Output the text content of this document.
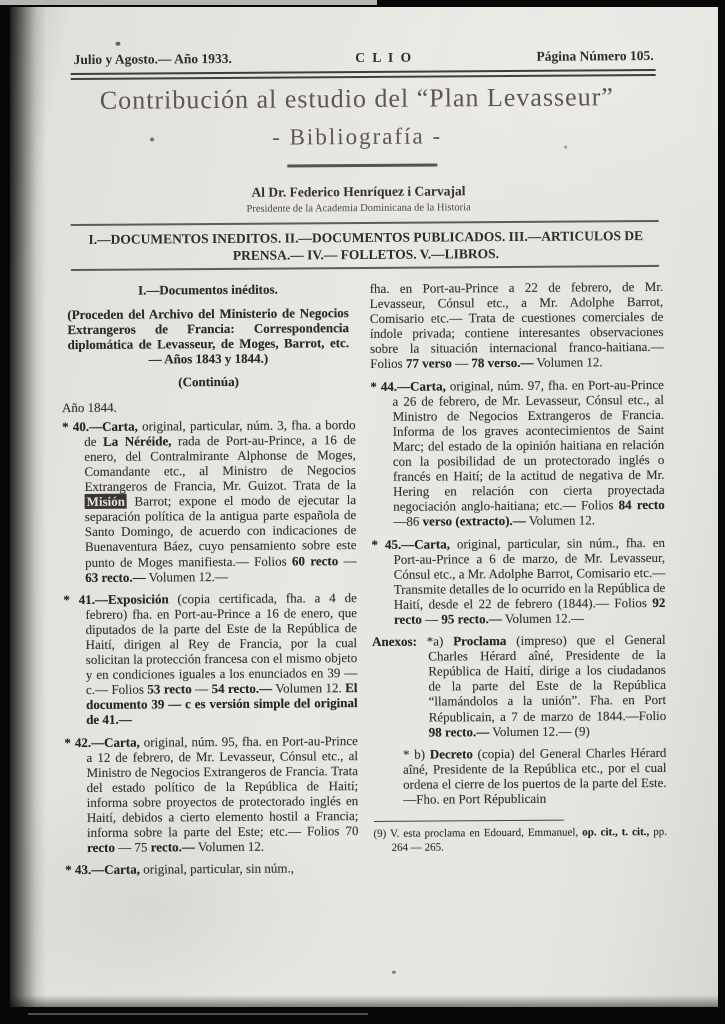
Julio y Agosto.— Año 1933.	C L I O	Página Número 105.
Contribución al estudio del “Plan Levasseur”
- Bibliografía -
Al Dr. Federico Henríquez i Carvajal
Presidente de la Academia Dominicana de la Historia
I.—DOCUMENTOS INEDITOS. II.—DOCUMENTOS PUBLICADOS. III.—ARTICULOS DE PRENSA.— IV.— FOLLETOS. V.—LIBROS.

I.—Documentos inéditos.

(Proceden del Archivo del Ministerio de Negocios Extrangeros de Francia: Correspondencia diplomática de Levasseur, de Moges, Barrot, etc.— Años 1843 y 1844.)

(Continúa)

Año 1844.

* 40.—Carta, original, particular, núm. 3, fha. a bordo de La Néréide, rada de Port-au-Prince, a 16 de enero, del Contralmirante Alphonse de Moges, Comandante etc., al Ministro de Negocios Extrangeros de Francia, Mr. Guizot. Trata de la Misión Barrot; expone el modo de ejecutar la separación política de la antigua parte española de Santo Domingo, de acuerdo con indicaciones de Buenaventura Báez, cuyo pensamiento sobre este punto de Moges manifiesta.— Folios 60 recto — 63 recto.— Volumen 12.—

* 41.—Exposición (copia certificada, fha. a 4 de febrero) fha. en Port-au-Prince a 16 de enero, que diputados de la parte del Este de la República de Haití, dirigen al Rey de Francia, por la cual solicitan la protección francesa con el mismo objeto y en condiciones iguales a los enunciados en 39 — c.— Folios 53 recto — 54 recto.— Volumen 12. El documento 39 — c es versión simple del original de 41.—

* 42.—Carta, original, núm. 95, fha. en Port-au-Prince a 12 de febrero, de Mr. Levasseur, Cónsul etc., al Ministro de Negocios Extrangeros de Francia. Trata del estado político de la República de Haití; informa sobre proyectos de protectorado inglés en Haití, debidos a cierto elemento hostil a Francia; informa sobre la parte del Este; etc.— Folios 70 recto — 75 recto.— Volumen 12.

* 43.—Carta, original, particular, sin núm.,

fha. en Port-au-Prince a 22 de febrero, de Mr. Levasseur, Cónsul etc., a Mr. Adolphe Barrot, Comisario etc.— Trata de cuestiones comerciales de índole privada; contiene interesantes observaciones sobre la situación internacional franco-haitiana.— Folios 77 verso — 78 verso.— Volumen 12.

* 44.—Carta, original, núm. 97, fha. en Port-au-Prince a 26 de febrero, de Mr. Levasseur, Cónsul etc., al Ministro de Negocios Extrangeros de Francia. Informa de los graves acontecimientos de Saint Marc; del estado de la opinión haitiana en relación con la posibilidad de un protectorado inglés o francés en Haití; de la actitud de negativa de Mr. Hering en relación con cierta proyectada negociación anglo-haitiana; etc.— Folios 84 recto —86 verso (extracto).— Volumen 12.

* 45.—Carta, original, particular, sin núm., fha. en Port-au-Prince a 6 de marzo, de Mr. Levasseur, Cónsul etc., a Mr. Adolphe Barrot, Comisario etc.— Transmite detalles de lo ocurrido en la República de Haití, desde el 22 de febrero (1844).— Folios 92 recto — 95 recto.— Volumen 12.—

Anexos: *a) Proclama (impreso) que el General Charles Hérard aîné, Presidente de la República de Haití, dirige a los ciudadanos de la parte del Este de la República “llamándolos a la unión”. Fha. en Port Républicain, a 7 de marzo de 1844.—Folio 98 recto.— Volumen 12.— (9)

* b) Decreto (copia) del General Charles Hérard aîné, Presidente de la República etc., por el cual ordena el cierre de los puertos de la parte del Este.—Fho. en Port Républicain

(9) V. esta proclama en Edouard, Emmanuel, op. cit., t. cit., pp. 264 — 265.
